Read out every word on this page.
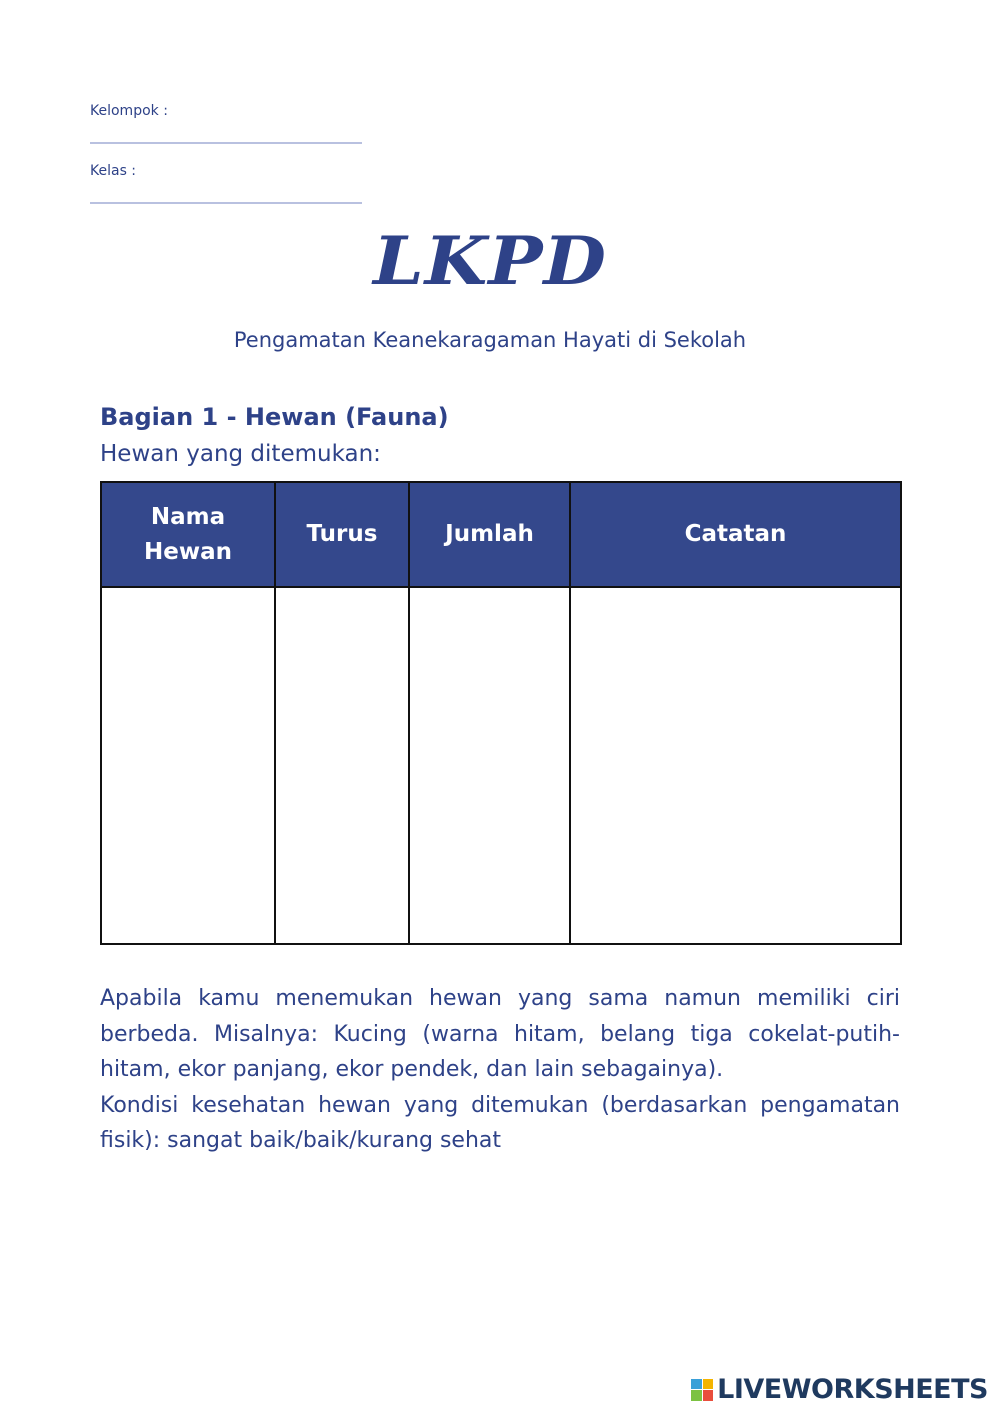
Kelompok :
Kelas :
LKPD
Pengamatan Keanekaragaman Hayati di Sekolah
Bagian 1 - Hewan (Fauna)
Hewan yang ditemukan:
Nama Hewan	Turus	Jumlah	Catatan

Apabila kamu menemukan hewan yang sama namun memiliki ciri berbeda. Misalnya: Kucing (warna hitam, belang tiga cokelat-putih-hitam, ekor panjang, ekor pendek, dan lain sebagainya).

Kondisi kesehatan hewan yang ditemukan (berdasarkan pengamatan fisik): sangat baik/baik/kurang sehat

LIVEWORKSHEETS
